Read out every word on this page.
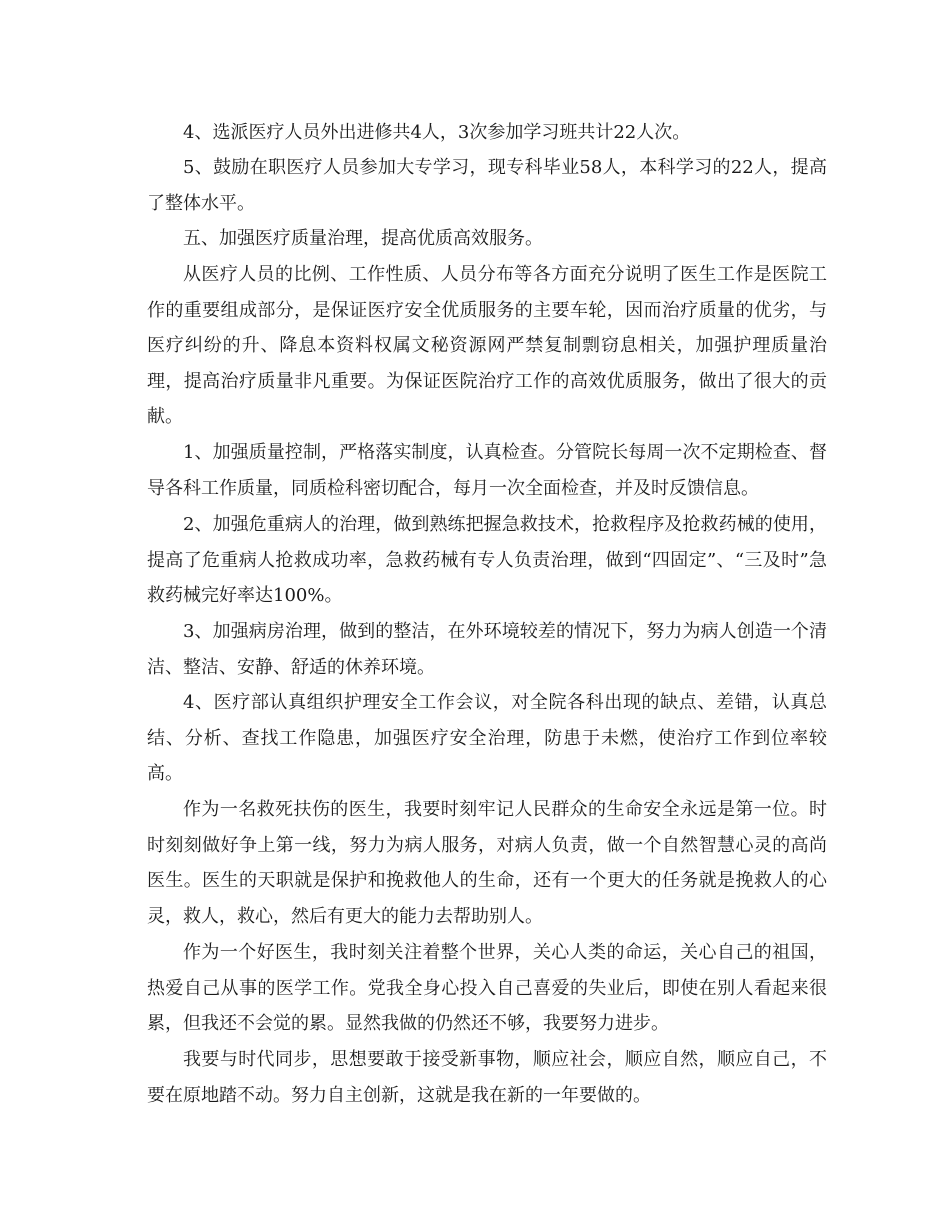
4、选派医疗人员外出进修共4人，3次参加学习班共计22人次。

5、鼓励在职医疗人员参加大专学习，现专科毕业58人，本科学习的22人，提高了整体水平。

五、加强医疗质量治理，提高优质高效服务。

从医疗人员的比例、工作性质、人员分布等各方面充分说明了医生工作是医院工作的重要组成部分，是保证医疗安全优质服务的主要车轮，因而治疗质量的优劣，与医疗纠纷的升、降息本资料权属文秘资源网严禁复制剽窃息相关，加强护理质量治理，提高治疗质量非凡重要。为保证医院治疗工作的高效优质服务，做出了很大的贡献。

1、加强质量控制，严格落实制度，认真检查。分管院长每周一次不定期检查、督导各科工作质量，同质检科密切配合，每月一次全面检查，并及时反馈信息。

2、加强危重病人的治理，做到熟练把握急救技术，抢救程序及抢救药械的使用，提高了危重病人抢救成功率，急救药械有专人负责治理，做到“四固定”、“三及时”急救药械完好率达100%。

3、加强病房治理，做到的整洁，在外环境较差的情况下，努力为病人创造一个清洁、整洁、安静、舒适的休养环境。

4、医疗部认真组织护理安全工作会议，对全院各科出现的缺点、差错，认真总结、分析、查找工作隐患，加强医疗安全治理，防患于未燃，使治疗工作到位率较高。

作为一名救死扶伤的医生，我要时刻牢记人民群众的生命安全永远是第一位。时时刻刻做好争上第一线，努力为病人服务，对病人负责，做一个自然智慧心灵的高尚医生。医生的天职就是保护和挽救他人的生命，还有一个更大的任务就是挽救人的心灵，救人，救心，然后有更大的能力去帮助别人。

作为一个好医生，我时刻关注着整个世界，关心人类的命运，关心自己的祖国，热爱自己从事的医学工作。党我全身心投入自己喜爱的失业后，即使在别人看起来很累，但我还不会觉的累。显然我做的仍然还不够，我要努力进步。

我要与时代同步，思想要敢于接受新事物，顺应社会，顺应自然，顺应自己，不要在原地踏不动。努力自主创新，这就是我在新的一年要做的。
